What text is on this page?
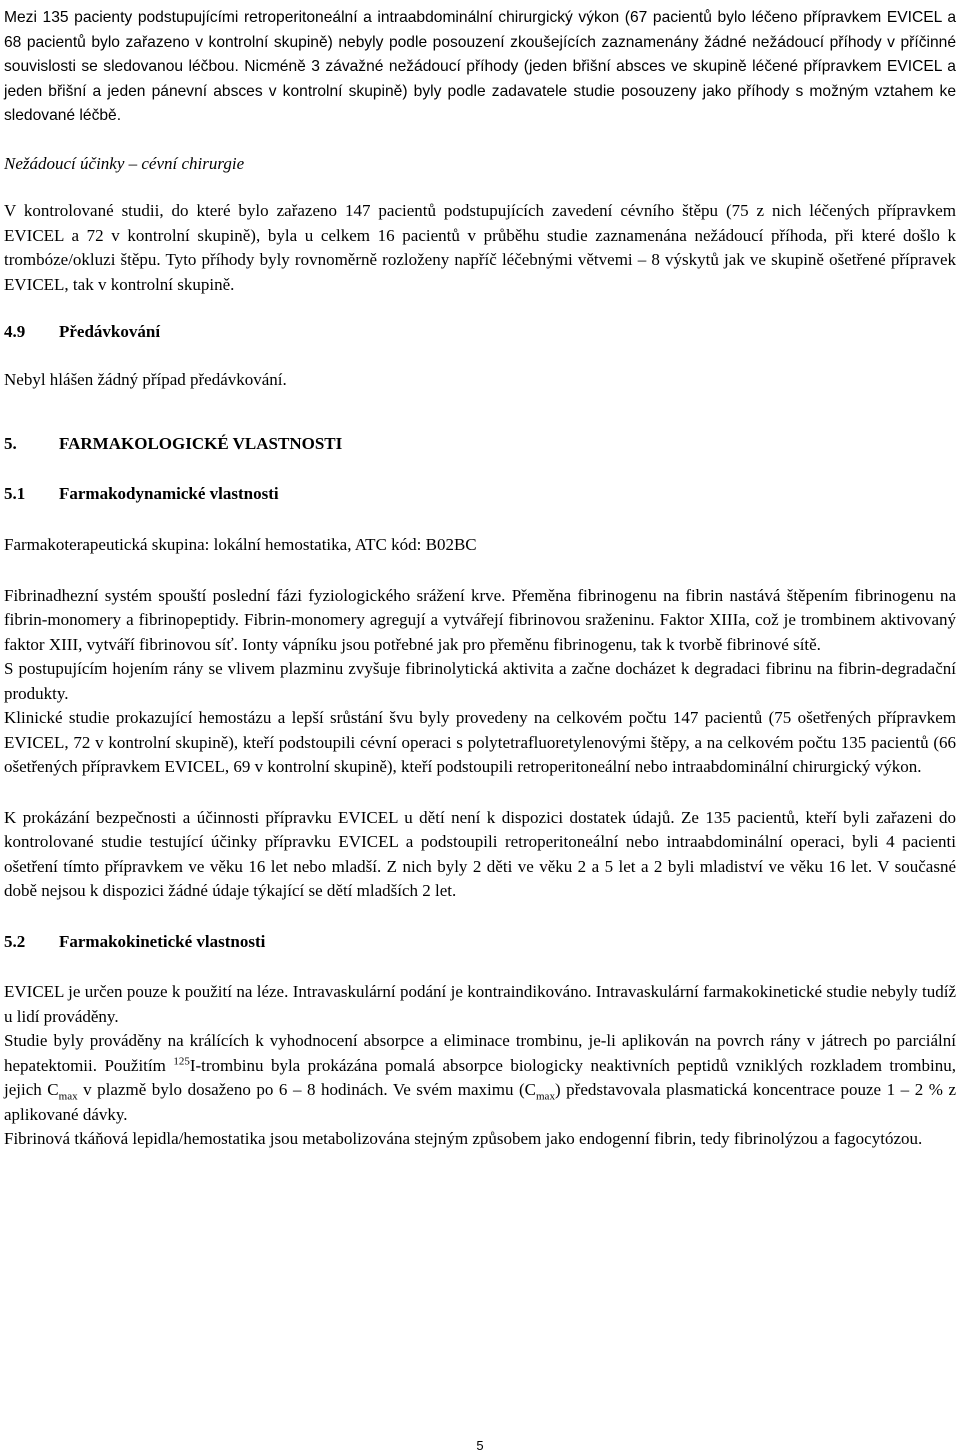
Mezi 135 pacienty podstupujícími retroperitoneální a intraabdominální chirurgický výkon (67 pacientů bylo léčeno přípravkem EVICEL a 68 pacientů bylo zařazeno v kontrolní skupině) nebyly podle posouzení zkoušejících zaznamenány žádné nežádoucí příhody v příčinné souvislosti se sledovanou léčbou. Nicméně 3 závažné nežádoucí příhody (jeden břišní absces ve skupině léčené přípravkem EVICEL a jeden břišní a jeden pánevní absces v kontrolní skupině) byly podle zadavatele studie posouzeny jako příhody s možným vztahem ke sledované léčbě.

Nežádoucí účinky – cévní chirurgie

V kontrolované studii, do které bylo zařazeno 147 pacientů podstupujících zavedení cévního štěpu (75 z nich léčených přípravkem EVICEL a 72 v kontrolní skupině), byla u celkem 16 pacientů v průběhu studie zaznamenána nežádoucí příhoda, při které došlo k trombóze/okluzi štěpu. Tyto příhody byly rovnoměrně rozloženy napříč léčebnými větvemi – 8 výskytů jak ve skupině ošetřené přípravek EVICEL, tak v kontrolní skupině.

4.9	Předávkování

Nebyl hlášen žádný případ předávkování.

5.	FARMAKOLOGICKÉ VLASTNOSTI
5.1	Farmakodynamické vlastnosti

Farmakoterapeutická skupina: lokální hemostatika, ATC kód: B02BC

Fibrinadhezní systém spouští poslední fázi fyziologického srážení krve. Přeměna fibrinogenu na fibrin nastává štěpením fibrinogenu na fibrin-monomery a fibrinopeptidy. Fibrin-monomery agregují a vytvářejí fibrinovou sraženinu. Faktor XIIIa, což je trombinem aktivovaný faktor XIII, vytváří fibrinovou síť. Ionty vápníku jsou potřebné jak pro přeměnu fibrinogenu, tak k tvorbě fibrinové sítě.

S postupujícím hojením rány se vlivem plazminu zvyšuje fibrinolytická aktivita a začne docházet k degradaci fibrinu na fibrin-degradační produkty.

Klinické studie prokazující hemostázu a lepší srůstání švu byly provedeny na celkovém počtu 147 pacientů (75 ošetřených přípravkem EVICEL, 72 v kontrolní skupině), kteří podstoupili cévní operaci s polytetrafluoretylenovými štěpy, a na celkovém počtu 135 pacientů (66 ošetřených přípravkem EVICEL, 69 v kontrolní skupině), kteří podstoupili retroperitoneální nebo intraabdominální chirurgický výkon.

K prokázání bezpečnosti a účinnosti přípravku EVICEL u dětí není k dispozici dostatek údajů. Ze 135 pacientů, kteří byli zařazeni do kontrolované studie testující účinky přípravku EVICEL a podstoupili retroperitoneální nebo intraabdominální operaci, byli 4 pacienti ošetření tímto přípravkem ve věku 16 let nebo mladší. Z nich byly 2 děti ve věku 2 a 5 let a 2 byli mladiství ve věku 16 let. V současné době nejsou k dispozici žádné údaje týkající se dětí mladších 2 let.

5.2	Farmakokinetické vlastnosti

EVICEL je určen pouze k použití na léze. Intravaskulární podání je kontraindikováno. Intravaskulární farmakokinetické studie nebyly tudíž u lidí prováděny.

Studie byly prováděny na králících k vyhodnocení absorpce a eliminace trombinu, je-li aplikován na povrch rány v játrech po parciální hepatektomii. Použitím $^{125}$I-trombinu byla prokázána pomalá absorpce biologicky neaktivních peptidů vzniklých rozkladem trombinu, jejich $C_{max}$ v plazmě bylo dosaženo po 6 – 8 hodinách. Ve svém maximu $(C_{max})$ představovala plasmatická koncentrace pouze 1 – 2 % z aplikované dávky.

Fibrinová tkáňová lepidla/hemostatika jsou metabolizována stejným způsobem jako endogenní fibrin, tedy fibrinolýzou a fagocytózou.

5
